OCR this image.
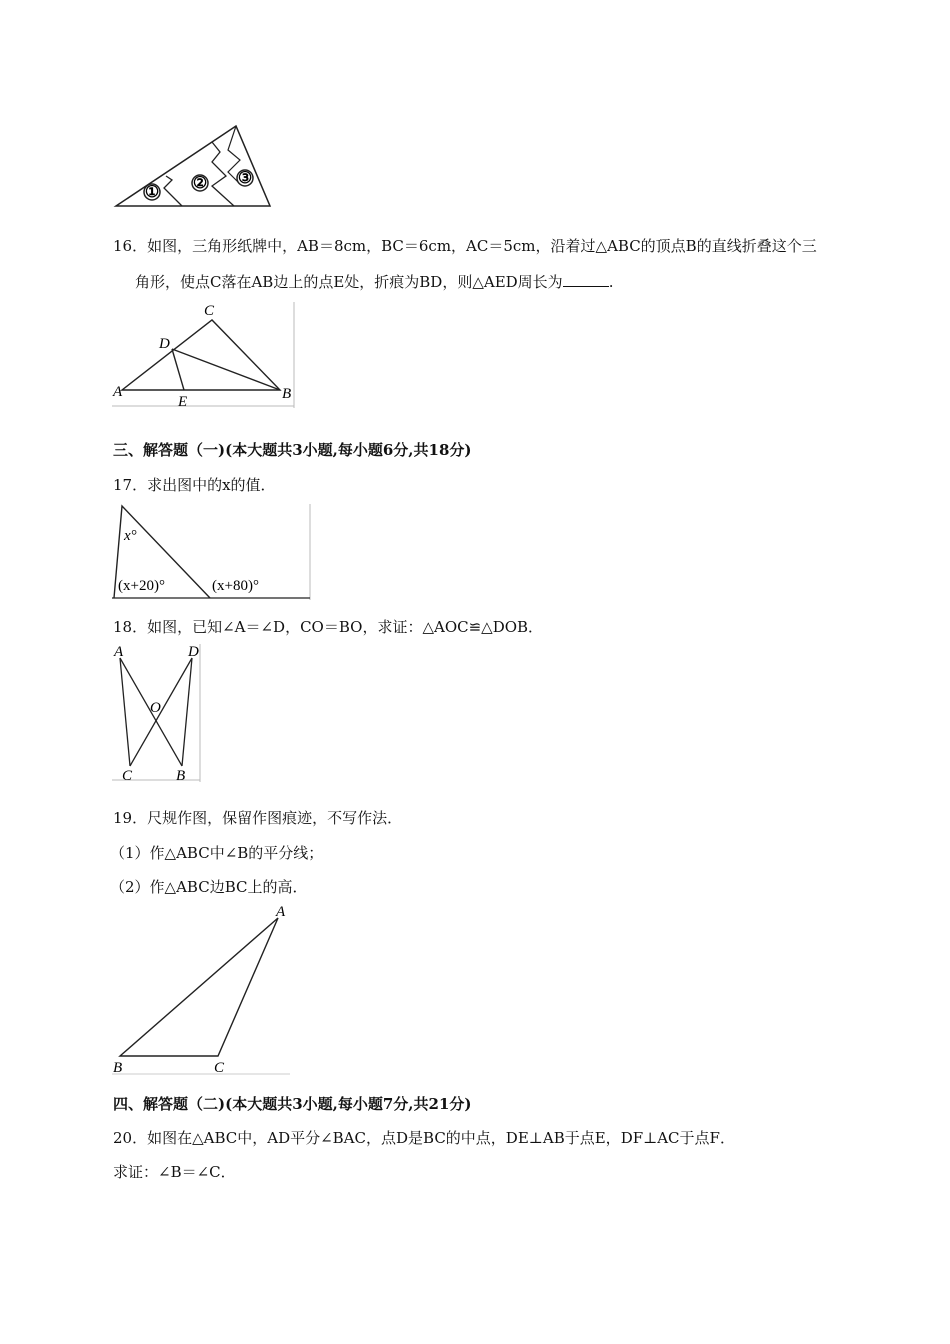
①
② ③
16．如图，三角形纸牌中，AB＝8cm，BC＝6cm，AC＝5cm，沿着过△ABC的顶点B的直线折叠这个三
角形，使点C落在AB边上的点E处，折痕为BD，则△AED周长为	.
C
D
A
E	B
三、解答题（一)(本大题共3小题,每小题6分,共18分)
17．求出图中的x的值．
x°
(x+20)°	(x+80)°
18．如图，已知∠A＝∠D，CO＝BO，求证：△AOC≌△DOB．
A	D
O
C	B
19．尺规作图，保留作图痕迹，不写作法．
（1）作△ABC中∠B的平分线；
（2）作△ABC边BC上的高．
A
B	C
四、解答题（二)(本大题共3小题,每小题7分,共21分)
20．如图在△ABC中，AD平分∠BAC，点D是BC的中点，DE⊥AB于点E，DF⊥AC于点F．
求证：∠B＝∠C．
